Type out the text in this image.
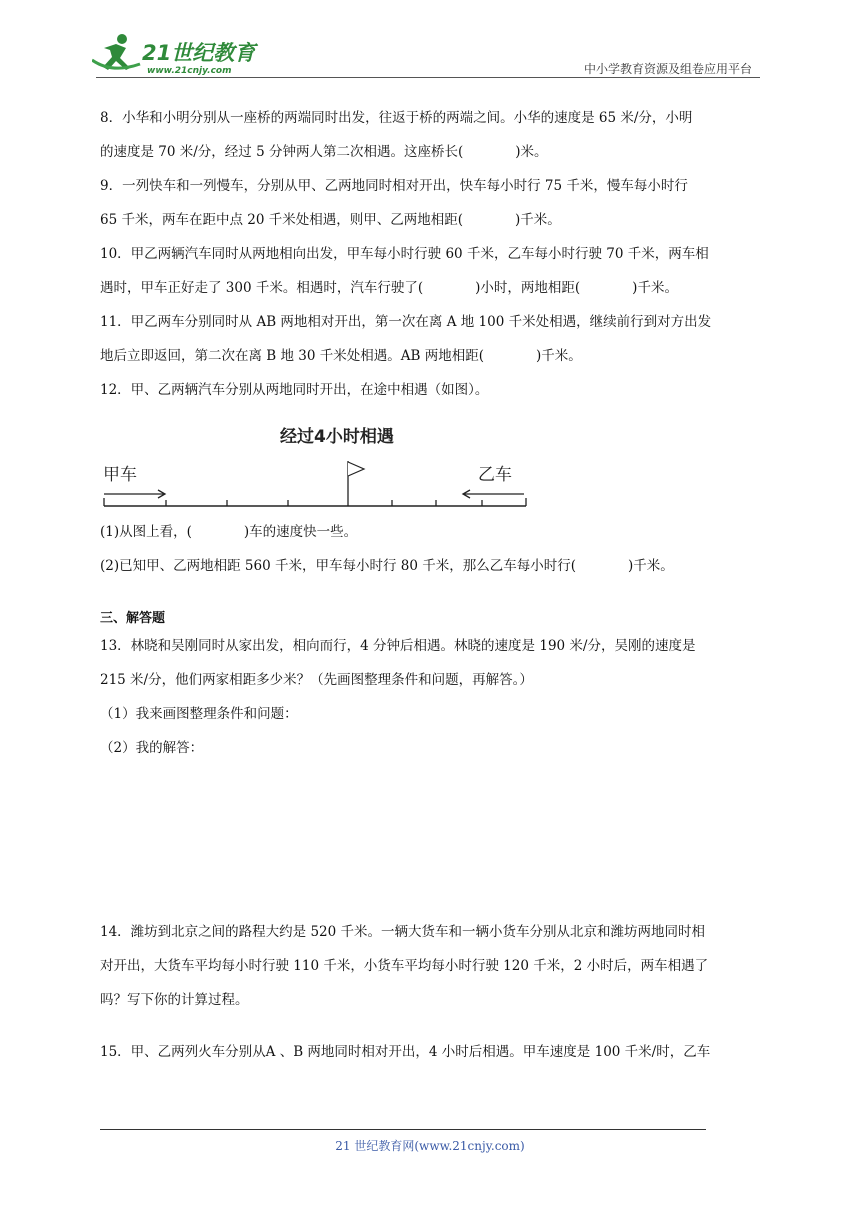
21世纪教育
www.21cnjy.com	中小学教育资源及组卷应用平台

8．小华和小明分别从一座桥的两端同时出发，往返于桥的两端之间。小华的速度是 65 米/分，小明
的速度是 70 米/分，经过 5 分钟两人第二次相遇。这座桥长(	)米。

9．一列快车和一列慢车，分别从甲、乙两地同时相对开出，快车每小时行 75 千米，慢车每小时行
65 千米，两车在距中点 20 千米处相遇，则甲、乙两地相距(	)千米。

10．甲乙两辆汽车同时从两地相向出发，甲车每小时行驶 60 千米，乙车每小时行驶 70 千米，两车相
遇时，甲车正好走了 300 千米。相遇时，汽车行驶了(	)小时，两地相距(	)千米。

11．甲乙两车分别同时从 AB 两地相对开出，第一次在离 A 地 100 千米处相遇，继续前行到对方出发
地后立即返回，第二次在离 B 地 30 千米处相遇。AB 两地相距(	)千米。

12．甲、乙两辆汽车分别从两地同时开出，在途中相遇（如图）。

经过4小时相遇
甲车	乙车
(1)从图上看，(	)车的速度快一些。
(2)已知甲、乙两地相距 560 千米，甲车每小时行 80 千米，那么乙车每小时行(	)千米。
三、解答题

13．林晓和吴刚同时从家出发，相向而行，4 分钟后相遇。林晓的速度是 190 米/分，吴刚的速度是
215 米/分，他们两家相距多少米？（先画图整理条件和问题，再解答。）
（1）我来画图整理条件和问题：
（2）我的解答：

14．潍坊到北京之间的路程大约是 520 千米。一辆大货车和一辆小货车分别从北京和潍坊两地同时相
对开出，大货车平均每小时行驶 110 千米，小货车平均每小时行驶 120 千米，2 小时后，两车相遇了
吗？写下你的计算过程。

15．甲、乙两列火车分别从A 、B 两地同时相对开出，4 小时后相遇。甲车速度是 100 千米/时，乙车

21 世纪教育网(www.21cnjy.com)
